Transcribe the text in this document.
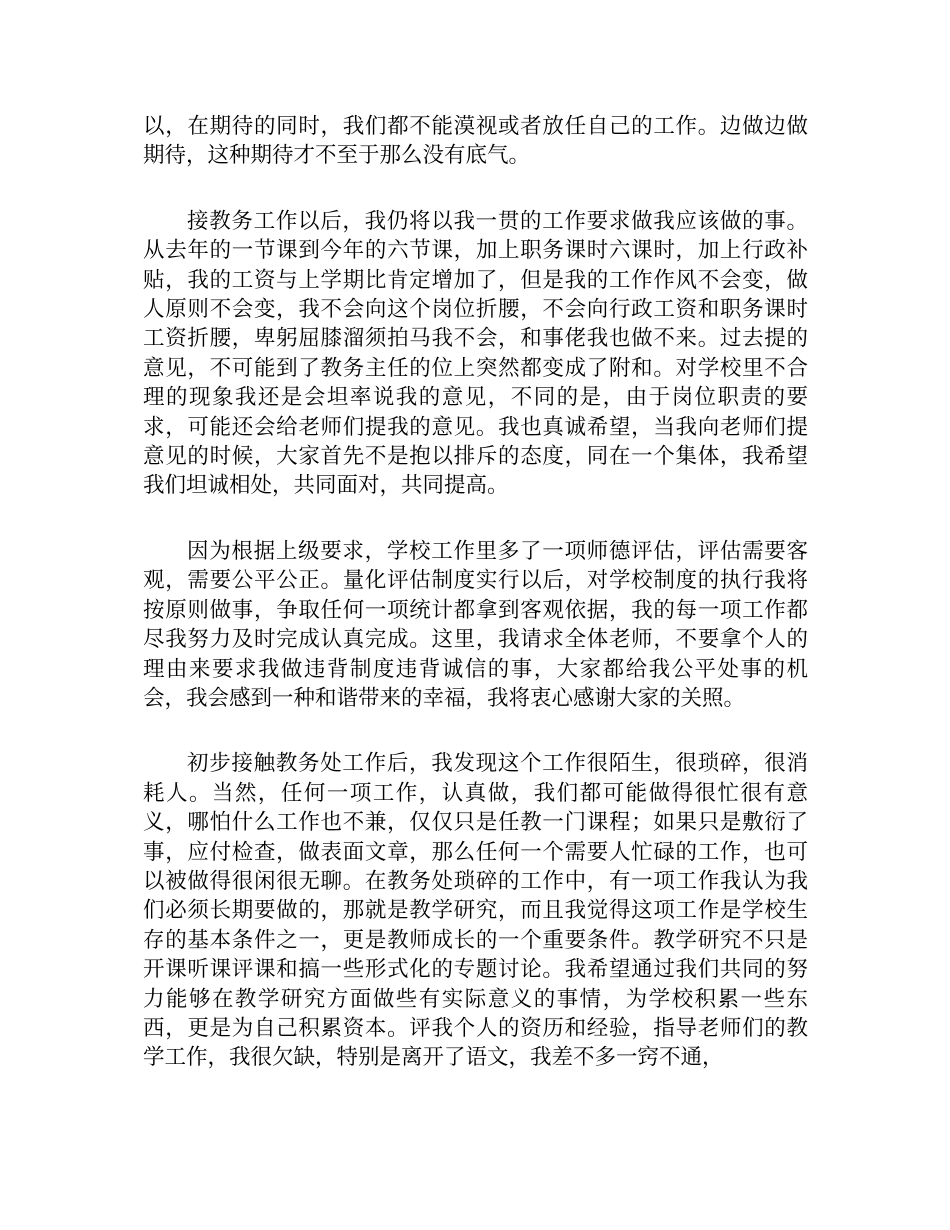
以，在期待的同时，我们都不能漠视或者放任自己的工作。边做边做期待，这种期待才不至于那么没有底气。

接教务工作以后，我仍将以我一贯的工作要求做我应该做的事。从去年的一节课到今年的六节课，加上职务课时六课时，加上行政补贴，我的工资与上学期比肯定增加了，但是我的工作作风不会变，做人原则不会变，我不会向这个岗位折腰，不会向行政工资和职务课时工资折腰，卑躬屈膝溜须拍马我不会，和事佬我也做不来。过去提的意见，不可能到了教务主任的位上突然都变成了附和。对学校里不合理的现象我还是会坦率说我的意见，不同的是，由于岗位职责的要求，可能还会给老师们提我的意见。我也真诚希望，当我向老师们提意见的时候，大家首先不是抱以排斥的态度，同在一个集体，我希望我们坦诚相处，共同面对，共同提高。

因为根据上级要求，学校工作里多了一项师德评估，评估需要客观，需要公平公正。量化评估制度实行以后，对学校制度的执行我将按原则做事，争取任何一项统计都拿到客观依据，我的每一项工作都尽我努力及时完成认真完成。这里，我请求全体老师，不要拿个人的理由来要求我做违背制度违背诚信的事，大家都给我公平处事的机会，我会感到一种和谐带来的幸福，我将衷心感谢大家的关照。

初步接触教务处工作后，我发现这个工作很陌生，很琐碎，很消耗人。当然，任何一项工作，认真做，我们都可能做得很忙很有意义，哪怕什么工作也不兼，仅仅只是任教一门课程；如果只是敷衍了事，应付检查，做表面文章，那么任何一个需要人忙碌的工作，也可以被做得很闲很无聊。在教务处琐碎的工作中，有一项工作我认为我们必须长期要做的，那就是教学研究，而且我觉得这项工作是学校生存的基本条件之一，更是教师成长的一个重要条件。教学研究不只是开课听课评课和搞一些形式化的专题讨论。我希望通过我们共同的努力能够在教学研究方面做些有实际意义的事情，为学校积累一些东西，更是为自己积累资本。评我个人的资历和经验，指导老师们的教学工作，我很欠缺，特别是离开了语文，我差不多一窍不通，
